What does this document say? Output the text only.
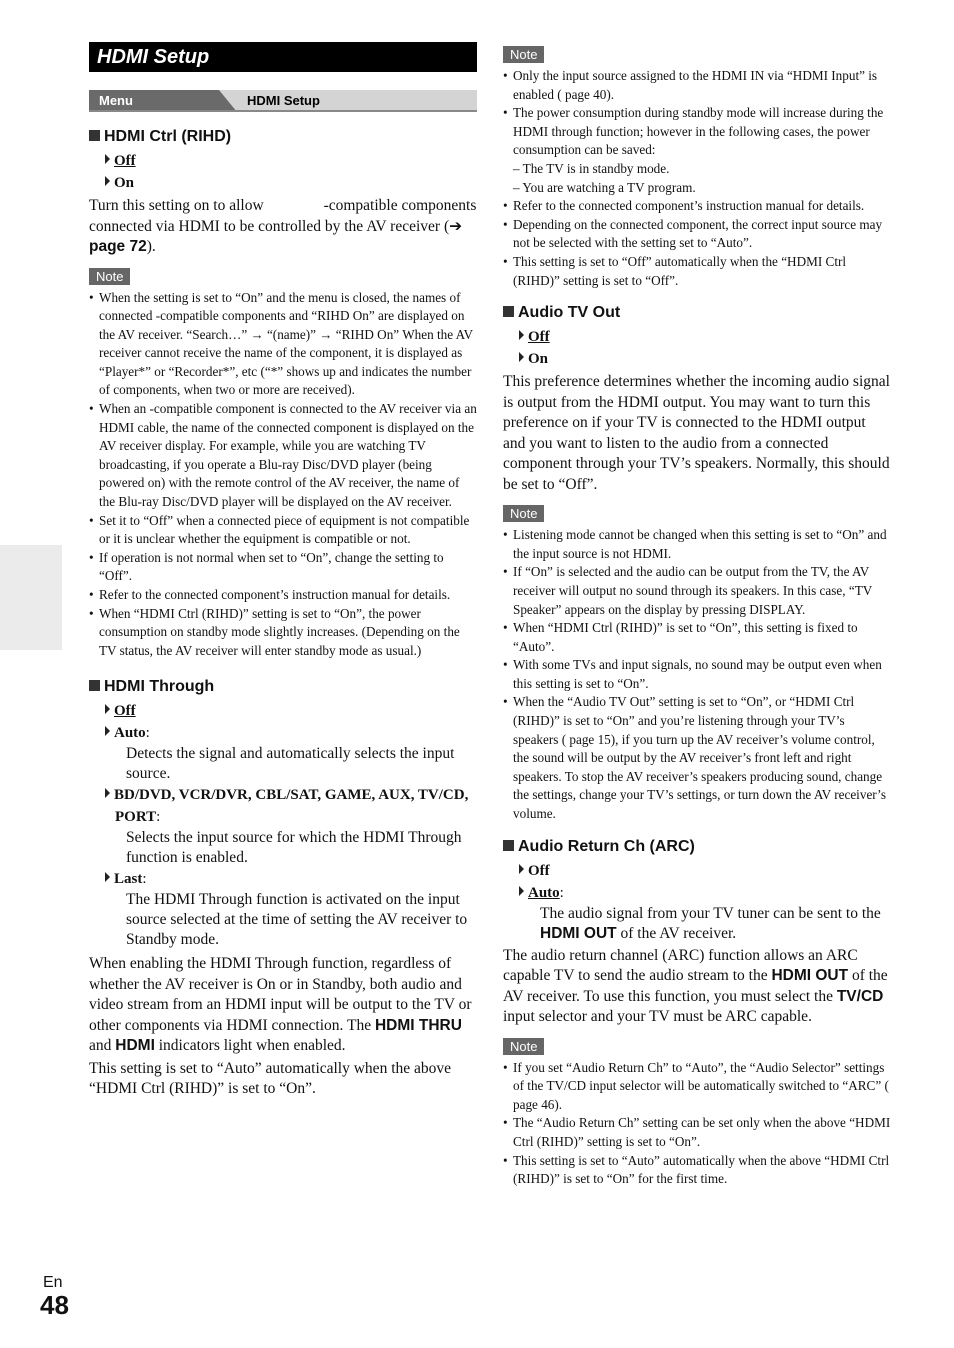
HDMI Setup
Menu	HDMI Setup
HDMI Ctrl (RIHD)
Off
On

Turn this setting on to allow	-compatible components connected via HDMI to be controlled by the AV receiver (➔ page 72).

Note
• When the setting is set to “On” and the menu is closed, the names of connected -compatible components and “RIHD On” are displayed on the AV receiver. “Search…” → “(name)” → “RIHD On” When the AV receiver cannot receive the name of the component, it is displayed as “Player*” or “Recorder*”, etc (“*” shows up and indicates the number of components, when two or more are received).
• When an -compatible component is connected to the AV receiver via an HDMI cable, the name of the connected component is displayed on the AV receiver display. For example, while you are watching TV broadcasting, if you operate a Blu-ray Disc/DVD player (being powered on) with the remote control of the AV receiver, the name of the Blu-ray Disc/DVD player will be displayed on the AV receiver.
• Set it to “Off” when a connected piece of equipment is not compatible or it is unclear whether the equipment is compatible or not.
• If operation is not normal when set to “On”, change the setting to “Off”.
• Refer to the connected component’s instruction manual for details.
• When “HDMI Ctrl (RIHD)” setting is set to “On”, the power consumption on standby mode slightly increases. (Depending on the TV status, the AV receiver will enter standby mode as usual.)
HDMI Through
Off
Auto:
Detects the signal and automatically selects the input source.
BD/DVD, VCR/DVR, CBL/SAT, GAME, AUX, TV/CD, PORT:
Selects the input source for which the HDMI Through function is enabled.
Last:
The HDMI Through function is activated on the input source selected at the time of setting the AV receiver to Standby mode.

When enabling the HDMI Through function, regardless of whether the AV receiver is On or in Standby, both audio and video stream from an HDMI input will be output to the TV or other components via HDMI connection. The HDMI THRU and HDMI indicators light when enabled.

This setting is set to “Auto” automatically when the above “HDMI Ctrl (RIHD)” is set to “On”.

Note
• Only the input source assigned to the HDMI IN via “HDMI Input” is enabled ( page 40).
• The power consumption during standby mode will increase during the HDMI through function; however in the following cases, the power consumption can be saved:
– The TV is in standby mode.
– You are watching a TV program.
• Refer to the connected component’s instruction manual for details.
• Depending on the connected component, the correct input source may not be selected with the setting set to “Auto”.
• This setting is set to “Off” automatically when the “HDMI Ctrl (RIHD)” setting is set to “Off”.
Audio TV Out
Off
On

This preference determines whether the incoming audio signal is output from the HDMI output. You may want to turn this preference on if your TV is connected to the HDMI output and you want to listen to the audio from a connected component through your TV’s speakers. Normally, this should be set to “Off”.

Note
• Listening mode cannot be changed when this setting is set to “On” and the input source is not HDMI.
• If “On” is selected and the audio can be output from the TV, the AV receiver will output no sound through its speakers. In this case, “TV Speaker” appears on the display by pressing DISPLAY.
• When “HDMI Ctrl (RIHD)” is set to “On”, this setting is fixed to “Auto”.
• With some TVs and input signals, no sound may be output even when this setting is set to “On”.
• When the “Audio TV Out” setting is set to “On”, or “HDMI Ctrl (RIHD)” is set to “On” and you’re listening through your TV’s speakers ( page 15), if you turn up the AV receiver’s volume control, the sound will be output by the AV receiver’s front left and right speakers. To stop the AV receiver’s speakers producing sound, change the settings, change your TV’s settings, or turn down the AV receiver’s volume.
Audio Return Ch (ARC)
Off
Auto:
The audio signal from your TV tuner can be sent to the HDMI OUT of the AV receiver.

The audio return channel (ARC) function allows an ARC capable TV to send the audio stream to the HDMI OUT of the AV receiver. To use this function, you must select the TV/CD input selector and your TV must be ARC capable.

Note
• If you set “Audio Return Ch” to “Auto”, the “Audio Selector” settings of the TV/CD input selector will be automatically switched to “ARC” ( page 46).
• The “Audio Return Ch” setting can be set only when the above “HDMI Ctrl (RIHD)” setting is set to “On”.
• This setting is set to “Auto” automatically when the above “HDMI Ctrl (RIHD)” is set to “On” for the first time.
En
48
